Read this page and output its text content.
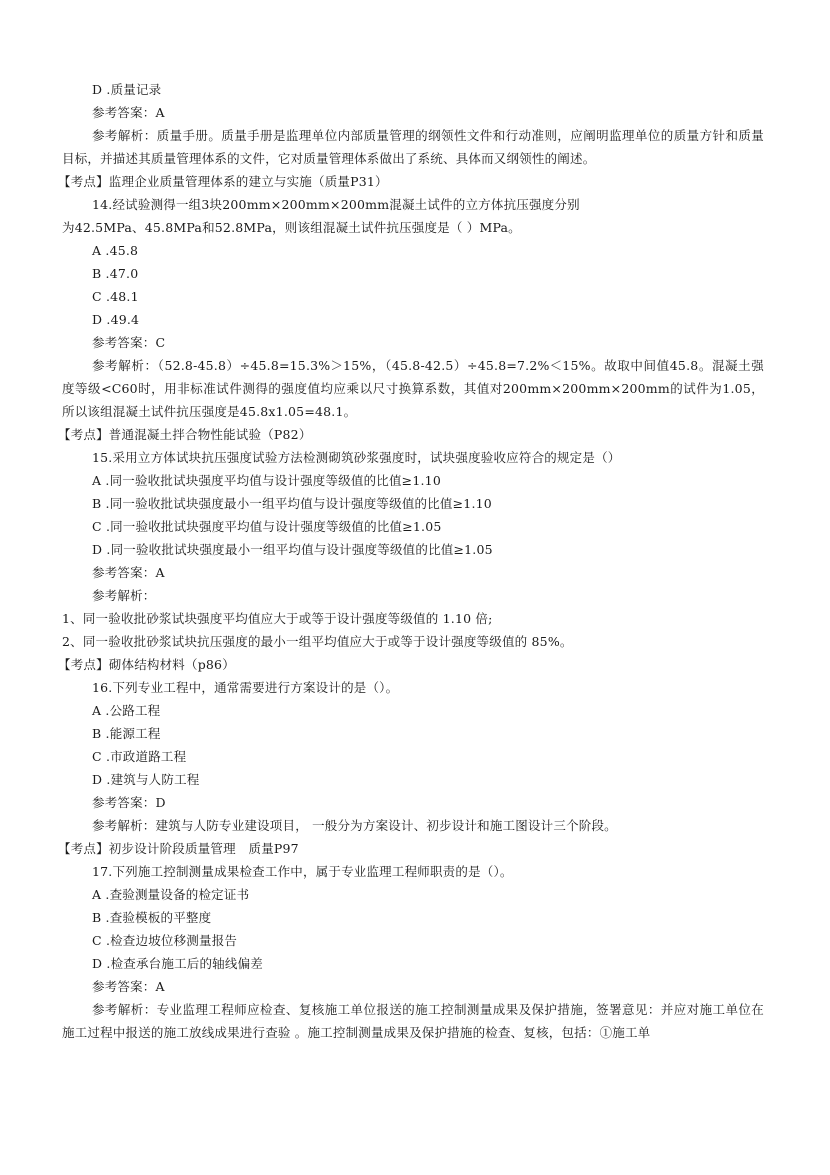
D .质量记录
参考答案：A
参考解析：质量手册。质量手册是监理单位内部质量管理的纲领性文件和行动准则，应阐明监理单位的质量方针和质量目标，并描述其质量管理体系的文件，它对质量管理体系做出了系统、具体而又纲领性的阐述。
【考点】监理企业质量管理体系的建立与实施（质量P31）
14.经试验测得一组3块200mm×200mm×200mm混凝土试件的立方体抗压强度分别
为42.5MPa、45.8MPa和52.8MPa，则该组混凝土试件抗压强度是（ ）MPa。
A .45.8
B .47.0
C .48.1
D .49.4
参考答案：C
参考解析：（52.8-45.8）÷45.8=15.3%＞15%，（45.8-42.5）÷45.8=7.2%＜15%。故取中间值45.8。混凝土强度等级<C60时，用非标准试件测得的强度值均应乘以尺寸换算系数，其值对200mm×200mm×200mm的试件为1.05，所以该组混凝土试件抗压强度是45.8x1.05=48.1。
【考点】普通混凝土拌合物性能试验（P82）
15.采用立方体试块抗压强度试验方法检测砌筑砂浆强度时，试块强度验收应符合的规定是（）
A .同一验收批试块强度平均值与设计强度等级值的比值≥1.10
B .同一验收批试块强度最小一组平均值与设计强度等级值的比值≥1.10
C .同一验收批试块强度平均值与设计强度等级值的比值≥1.05
D .同一验收批试块强度最小一组平均值与设计强度等级值的比值≥1.05
参考答案：A
参考解析：
1、同一验收批砂浆试块强度平均值应大于或等于设计强度等级值的 1.10 倍;
2、同一验收批砂浆试块抗压强度的最小一组平均值应大于或等于设计强度等级值的 85%。
【考点】砌体结构材料（p86）
16.下列专业工程中，通常需要进行方案设计的是（）。
A .公路工程
B .能源工程
C .市政道路工程
D .建筑与人防工程
参考答案：D
参考解析：建筑与人防专业建设项目， 一般分为方案设计、初步设计和施工图设计三个阶段。
【考点】初步设计阶段质量管理　质量P97
17.下列施工控制测量成果检查工作中，属于专业监理工程师职责的是（）。
A .查验测量设备的检定证书
B .查验模板的平整度
C .检查边坡位移测量报告
D .检查承台施工后的轴线偏差
参考答案：A
参考解析：专业监理工程师应检查、复核施工单位报送的施工控制测量成果及保护措施，签署意见：并应对施工单位在施工过程中报送的施工放线成果进行查验 。施工控制测量成果及保护措施的检查、复核，包括：①施工单
